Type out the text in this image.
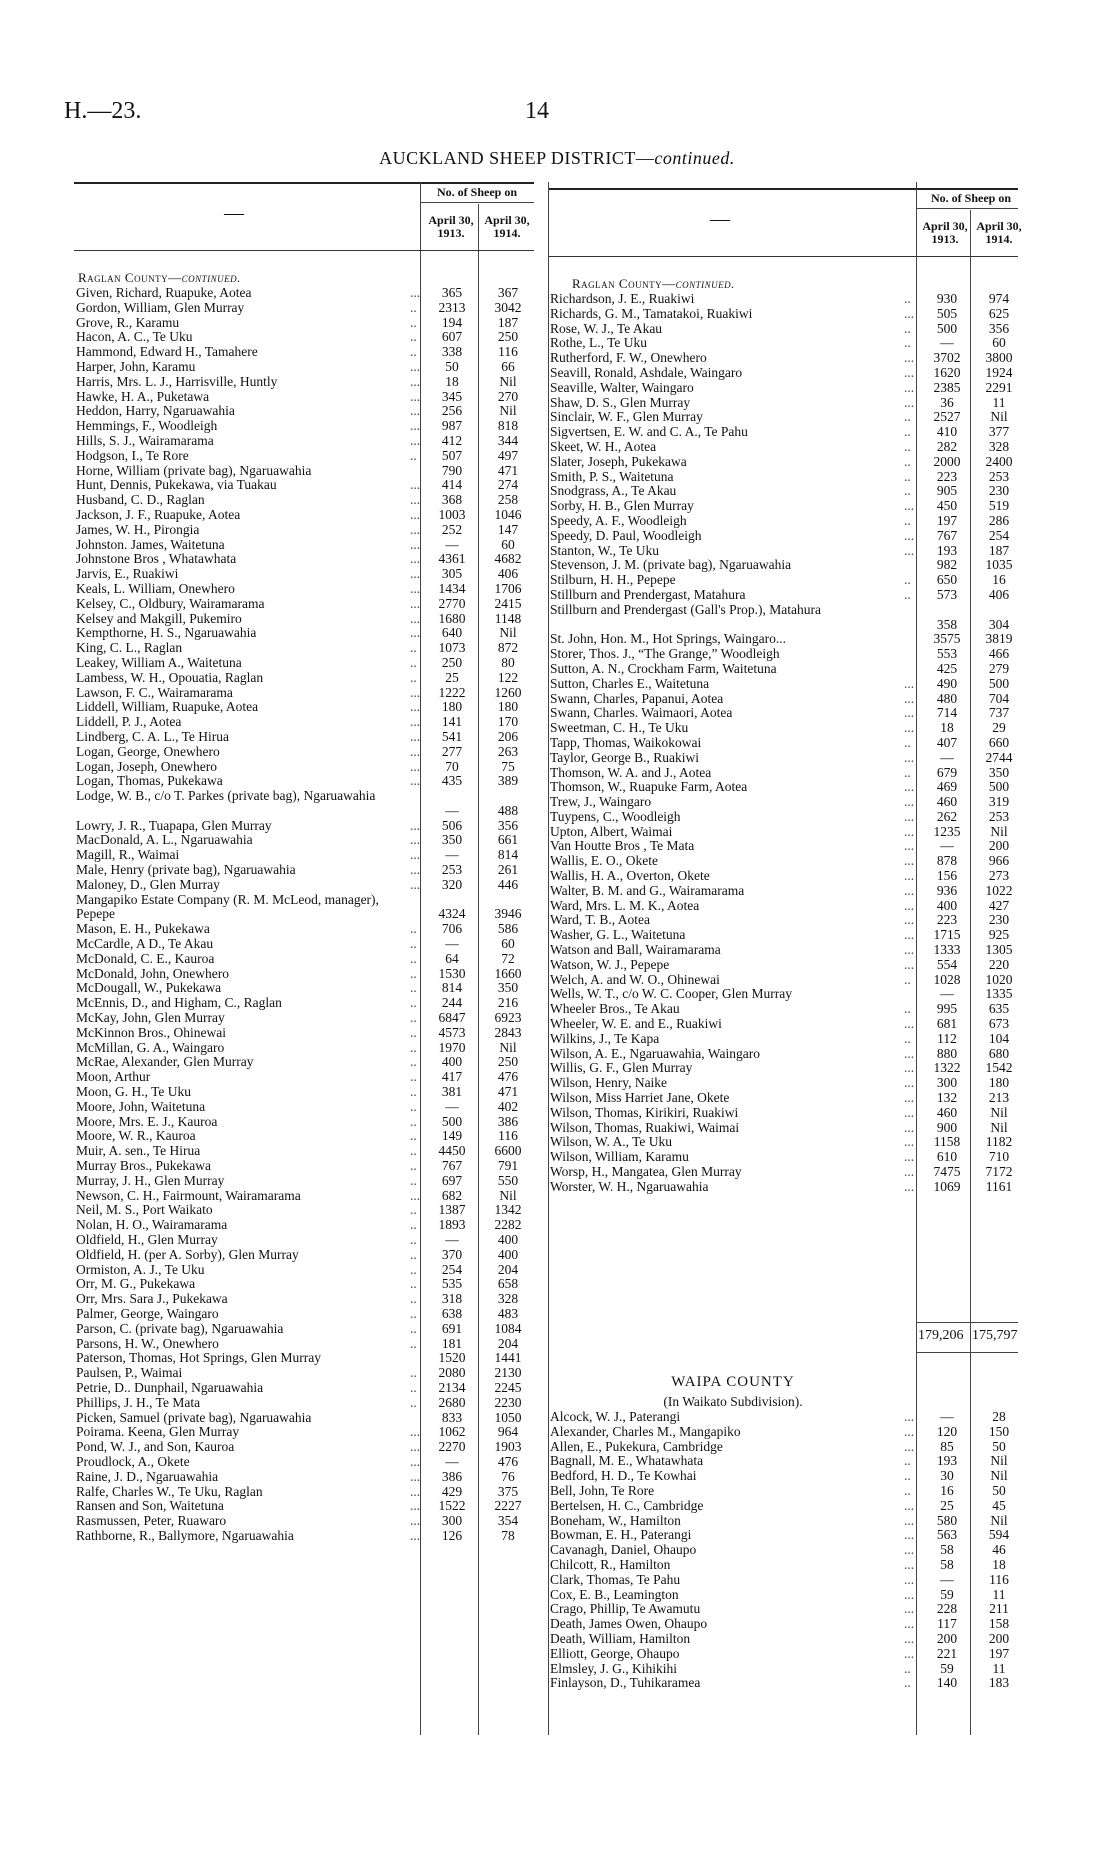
H.—23.	14
AUCKLAND SHEEP DISTRICT—continued.
—
No. of Sheep on
April 30, 1913.
April 30, 1914.
Raglan County—continued.
Given, Richard, Ruapuke, Aotea	...	365	367
Gordon, William, Glen Murray	..	2313	3042
Grove, R., Karamu	..	194	187
Hacon, A. C., Te Uku	..	607	250
Hammond, Edward H., Tamahere	..	338	116
Harper, John, Karamu	...	50	66
Harris, Mrs. L. J., Harrisville, Huntly	...	18	Nil
Hawke, H. A., Puketawa	...	345	270
Heddon, Harry, Ngaruawahia	...	256	Nil
Hemmings, F., Woodleigh	...	987	818
Hills, S. J., Wairamarama	...	412	344
Hodgson, I., Te Rore	..	507	497
Horne, William (private bag), Ngaruawahia	790	471
Hunt, Dennis, Pukekawa, via Tuakau	...	414	274
Husband, C. D., Raglan	...	368	258
Jackson, J. F., Ruapuke, Aotea	...	1003	1046
James, W. H., Pirongia	...	252	147
Johnston. James, Waitetuna	...	—	60
Johnstone Bros , Whatawhata	...	4361	4682
Jarvis, E., Ruakiwi	...	305	406
Keals, L. William, Onewhero	...	1434	1706
Kelsey, C., Oldbury, Wairamarama	...	2770	2415
Kelsey and Makgill, Pukemiro	...	1680	1148
Kempthorne, H. S., Ngaruawahia	...	640	Nil
King, C. L., Raglan	..	1073	872
Leakey, William A., Waitetuna	..	250	80
Lambess, W. H., Opouatia, Raglan	..	25	122
Lawson, F. C., Wairamarama	...	1222	1260
Liddell, William, Ruapuke, Aotea	...	180	180
Liddell, P. J., Aotea	...	141	170
Lindberg, C. A. L., Te Hirua	...	541	206
Logan, George, Onewhero	...	277	263
Logan, Joseph, Onewhero	...	70	75
Logan, Thomas, Pukekawa	...	435	389
Lodge, W. B., c/o T. Parkes (private bag), Ngaruawahia
—	488
Lowry, J. R., Tuapapa, Glen Murray	...	506	356
MacDonald, A. L., Ngaruawahia	...	350	661
Magill, R., Waimai	...	—	814
Male, Henry (private bag), Ngaruawahia	...	253	261
Maloney, D., Glen Murray	...	320	446
Mangapiko Estate Company (R. M. McLeod, manager), Pepepe	4324	3946
Mason, E. H., Pukekawa	..	706	586
McCardle, A D., Te Akau	..	—	60
McDonald, C. E., Kauroa	..	64	72
McDonald, John, Onewhero	..	1530	1660
McDougall, W., Pukekawa	..	814	350
McEnnis, D., and Higham, C., Raglan	..	244	216
McKay, John, Glen Murray	..	6847	6923
McKinnon Bros., Ohinewai	..	4573	2843
McMillan, G. A., Waingaro	..	1970	Nil
McRae, Alexander, Glen Murray	..	400	250
Moon, Arthur	..	417	476
Moon, G. H., Te Uku	..	381	471
Moore, John, Waitetuna	..	—	402
Moore, Mrs. E. J., Kauroa	..	500	386
Moore, W. R., Kauroa	..	149	116
Muir, A. sen., Te Hirua	..	4450	6600
Murray Bros., Pukekawa	..	767	791
Murray, J. H., Glen Murray	..	697	550
Newson, C. H., Fairmount, Wairamarama	...	682	Nil
Neil, M. S., Port Waikato	..	1387	1342
Nolan, H. O., Wairamarama	..	1893	2282
Oldfield, H., Glen Murray	..	—	400
Oldfield, H. (per A. Sorby), Glen Murray	..	370	400
Ormiston, A. J., Te Uku	..	254	204
Orr, M. G., Pukekawa	..	535	658
Orr, Mrs. Sara J., Pukekawa	..	318	328
Palmer, George, Waingaro	..	638	483
Parson, C. (private bag), Ngaruawahia	..	691	1084
Parsons, H. W., Onewhero	..	181	204
Paterson, Thomas, Hot Springs, Glen Murray	1520	1441
Paulsen, P., Waimai	..	2080	2130
Petrie, D.. Dunphail, Ngaruawahia	..	2134	2245
Phillips, J. H., Te Mata	..	2680	2230
Picken, Samuel (private bag), Ngaruawahia	833	1050
Poirama. Keena, Glen Murray	...	1062	964
Pond, W. J., and Son, Kauroa	...	2270	1903
Proudlock, A., Okete	...	—	476
Raine, J. D., Ngaruawahia	...	386	76
Ralfe, Charles W., Te Uku, Raglan	...	429	375
Ransen and Son, Waitetuna	...	1522	2227
Rasmussen, Peter, Ruawaro	...	300	354
Rathborne, R., Ballymore, Ngaruawahia	...	126	78
—
No. of Sheep on
April 30, 1913.
April 30, 1914.
Raglan County—continued.
Richardson, J. E., Ruakiwi	..	930	974
Richards, G. M., Tamatakoi, Ruakiwi	...	505	625
Rose, W. J., Te Akau	..	500	356
Rothe, L., Te Uku	..	—	60
Rutherford, F. W., Onewhero	...	3702	3800
Seavill, Ronald, Ashdale, Waingaro	...	1620	1924
Seaville, Walter, Waingaro	...	2385	2291
Shaw, D. S., Glen Murray	...	36	11
Sinclair, W. F., Glen Murray	..	2527	Nil
Sigvertsen, E. W. and C. A., Te Pahu	..	410	377
Skeet, W. H., Aotea	..	282	328
Slater, Joseph, Pukekawa	..	2000	2400
Smith, P. S., Waitetuna	..	223	253
Snodgrass, A., Te Akau	..	905	230
Sorby, H. B., Glen Murray	...	450	519
Speedy, A. F., Woodleigh	..	197	286
Speedy, D. Paul, Woodleigh	...	767	254
Stanton, W., Te Uku	...	193	187
Stevenson, J. M. (private bag), Ngaruawahia	982	1035
Stilburn, H. H., Pepepe	..	650	16
Stillburn and Prendergast, Matahura	..	573	406
Stillburn and Prendergast (Gall's Prop.), Matahura
358	304
St. John, Hon. M., Hot Springs, Waingaro...	3575	3819
Storer, Thos. J., “The Grange,” Woodleigh	553	466
Sutton, A. N., Crockham Farm, Waitetuna	425	279
Sutton, Charles E., Waitetuna	...	490	500
Swann, Charles, Papanui, Aotea	...	480	704
Swann, Charles. Waimaori, Aotea	...	714	737
Sweetman, C. H., Te Uku	...	18	29
Tapp, Thomas, Waikokowai	..	407	660
Taylor, George B., Ruakiwi	...	—	2744
Thomson, W. A. and J., Aotea	..	679	350
Thomson, W., Ruapuke Farm, Aotea	...	469	500
Trew, J., Waingaro	...	460	319
Tuypens, C., Woodleigh	...	262	253
Upton, Albert, Waimai	...	1235	Nil
Van Houtte Bros , Te Mata	...	—	200
Wallis, E. O., Okete	...	878	966
Wallis, H. A., Overton, Okete	...	156	273
Walter, B. M. and G., Wairamarama	...	936	1022
Ward, Mrs. L. M. K., Aotea	...	400	427
Ward, T. B., Aotea	...	223	230
Washer, G. L., Waitetuna	...	1715	925
Watson and Ball, Wairamarama	...	1333	1305
Watson, W. J., Pepepe	...	554	220
Welch, A. and W. O., Ohinewai	..	1028	1020
Wells, W. T., c/o W. C. Cooper, Glen Murray	—	1335
Wheeler Bros., Te Akau	..	995	635
Wheeler, W. E. and E., Ruakiwi	...	681	673
Wilkins, J., Te Kapa	..	112	104
Wilson, A. E., Ngaruawahia, Waingaro	...	880	680
Willis, G. F., Glen Murray	...	1322	1542
Wilson, Henry, Naike	...	300	180
Wilson, Miss Harriet Jane, Okete	...	132	213
Wilson, Thomas, Kirikiri, Ruakiwi	...	460	Nil
Wilson, Thomas, Ruakiwi, Waimai	...	900	Nil
Wilson, W. A., Te Uku	...	1158	1182
Wilson, William, Karamu	...	610	710
Worsp, H., Mangatea, Glen Murray	...	7475	7172
Worster, W. H., Ngaruawahia	...	1069	1161
179,206 175,797
WAIPA COUNTY
(In Waikato Subdivision).
Alcock, W. J., Paterangi	...	—	28
Alexander, Charles M., Mangapiko	...	120	150
Allen, E., Pukekura, Cambridge	...	85	50
Bagnall, M. E., Whatawhata	..	193	Nil
Bedford, H. D., Te Kowhai	..	30	Nil
Bell, John, Te Rore	..	16	50
Bertelsen, H. C., Cambridge	...	25	45
Boneham, W., Hamilton	...	580	Nil
Bowman, E. H., Paterangi	...	563	594
Cavanagh, Daniel, Ohaupo	...	58	46
Chilcott, R., Hamilton	...	58	18
Clark, Thomas, Te Pahu	...	—	116
Cox, E. B., Leamington	...	59	11
Crago, Phillip, Te Awamutu	...	228	211
Death, James Owen, Ohaupo	...	117	158
Death, William, Hamilton	...	200	200
Elliott, George, Ohaupo	...	221	197
Elmsley, J. G., Kihikihi	..	59	11
Finlayson, D., Tuhikaramea	..	140	183
